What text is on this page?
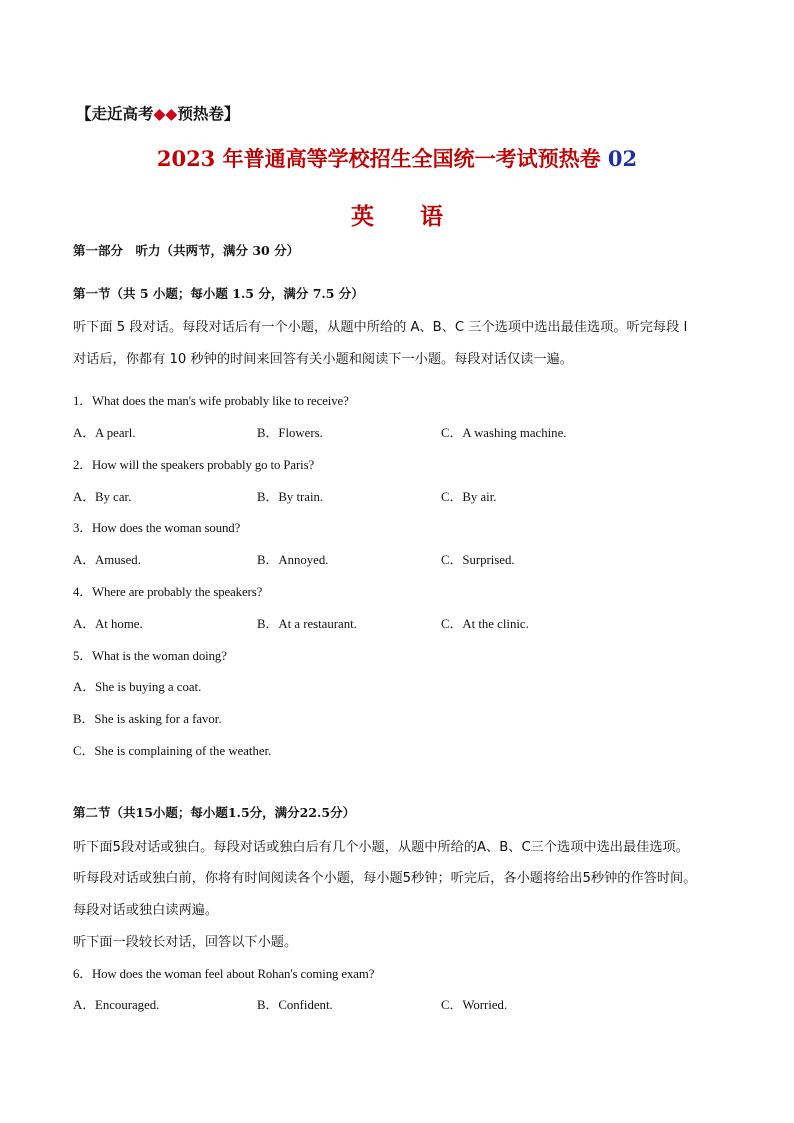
【走近高考◆◆预热卷】
2023 年普通高等学校招生全国统一考试预热卷 02
英　　语
第一部分　听力（共两节，满分 30 分）
第一节（共 5 小题；每小题 1.5 分，满分 7.5 分）
听下面 5 段对话。每段对话后有一个小题，从题中所给的 A、B、C 三个选项中选出最佳选项。听完每段 I
对话后，你都有 10 秒钟的时间来回答有关小题和阅读下一小题。每段对话仅读一遍。
1．What does the man's wife probably like to receive?
A．A pearl.	B．Flowers.	C．A washing machine.
2．How will the speakers probably go to Paris?
A．By car.	B．By train.	C．By air.
3．How does the woman sound?
A．Amused.	B．Annoyed.	C．Surprised.
4．Where are probably the speakers?
A．At home.	B．At a restaurant.	C．At the clinic.
5．What is the woman doing?
A．She is buying a coat.
B．She is asking for a favor.
C．She is complaining of the weather.
第二节（共15小题；每小题1.5分，满分22.5分）
听下面5段对话或独白。每段对话或独白后有几个小题，从题中所给的A、B、C三个选项中选出最佳选项。
听每段对话或独白前，你将有时间阅读各个小题，每小题5秒钟；听完后，各小题将给出5秒钟的作答时间。
每段对话或独白读两遍。
听下面一段较长对话，回答以下小题。
6．How does the woman feel about Rohan's coming exam?
A．Encouraged.	B．Confident.	C．Worried.
